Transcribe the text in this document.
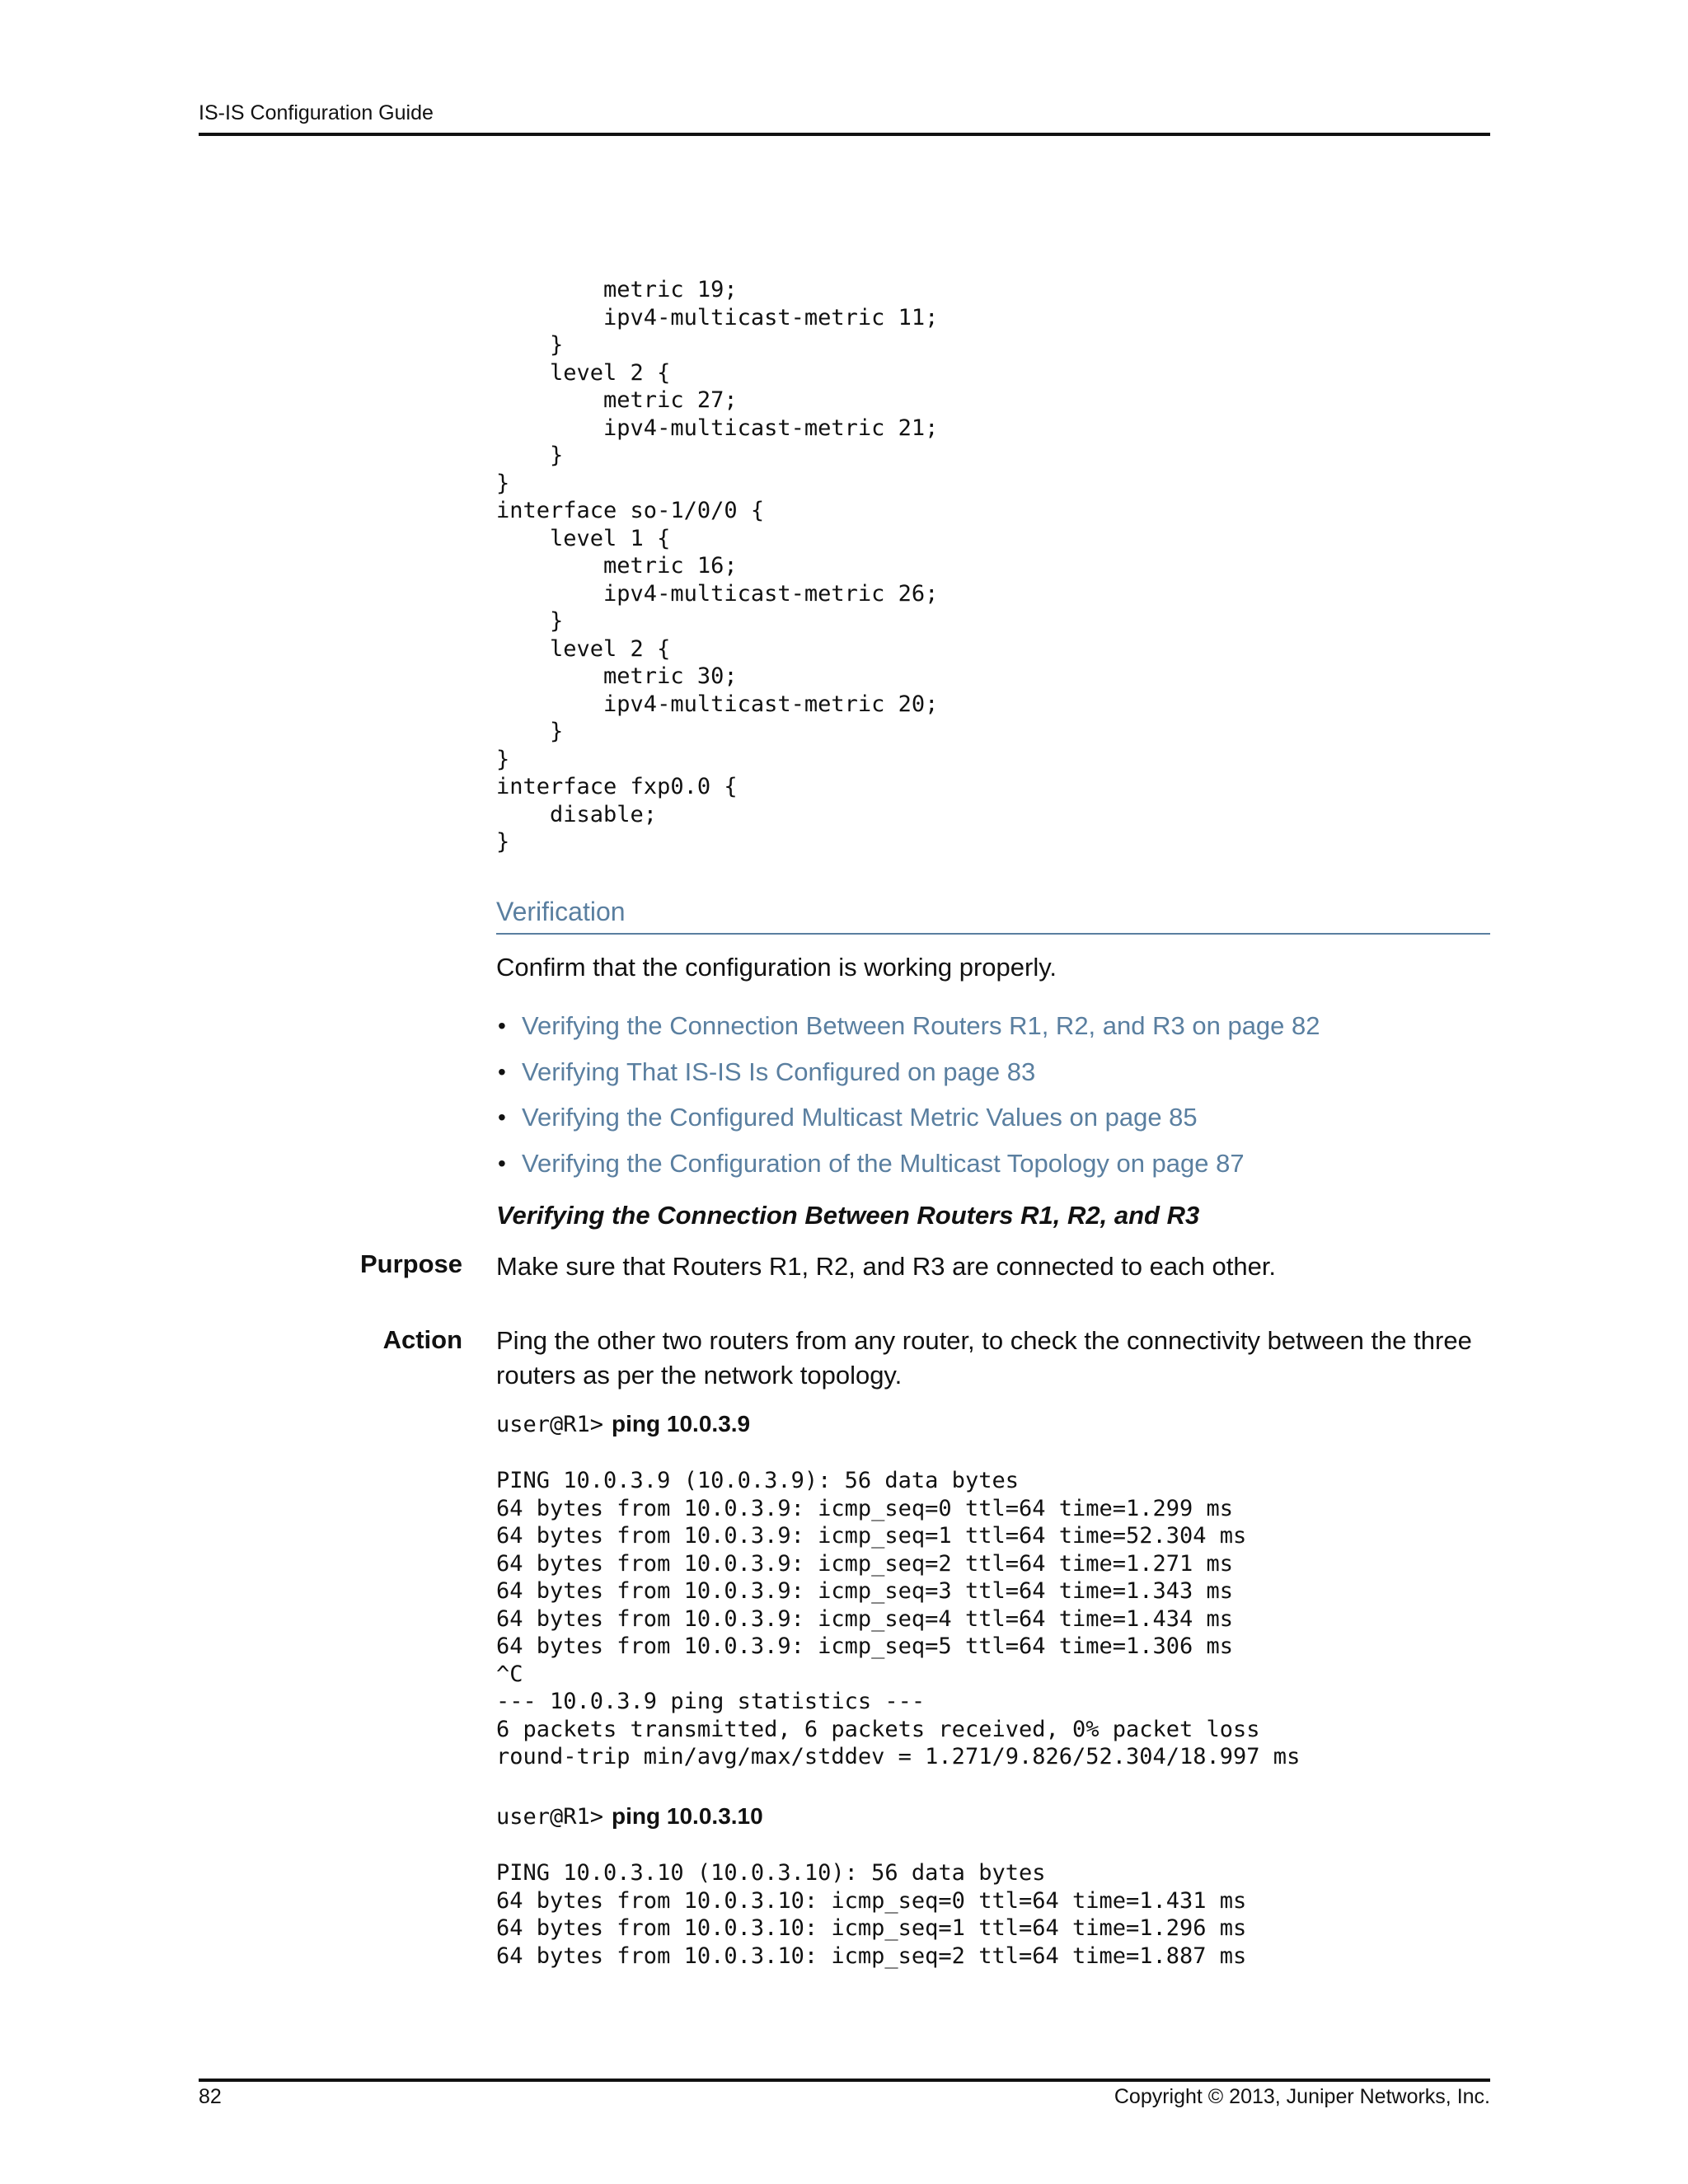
IS-IS Configuration Guide
metric 19;
ipv4-multicast-metric 11;
}
level 2 {
metric 27;
ipv4-multicast-metric 21;
}
}
interface so-1/0/0 {
level 1 {
metric 16;
ipv4-multicast-metric 26;
}
level 2 {
metric 30;
ipv4-multicast-metric 20;
}
}
interface fxp0.0 {
disable;
}
Verification
Confirm that the configuration is working properly.
• Verifying the Connection Between Routers R1, R2, and R3 on page 82
• Verifying That IS-IS Is Configured on page 83
• Verifying the Configured Multicast Metric Values on page 85
• Verifying the Configuration of the Multicast Topology on page 87
Verifying the Connection Between Routers R1, R2, and R3
Purpose Make sure that Routers R1, R2, and R3 are connected to each other.
Action Ping the other two routers from any router, to check the connectivity between the three routers as per the network topology.
user@R1> ping 10.0.3.9
PING 10.0.3.9 (10.0.3.9): 56 data bytes
64 bytes from 10.0.3.9: icmp_seq=0 ttl=64 time=1.299 ms
64 bytes from 10.0.3.9: icmp_seq=1 ttl=64 time=52.304 ms
64 bytes from 10.0.3.9: icmp_seq=2 ttl=64 time=1.271 ms
64 bytes from 10.0.3.9: icmp_seq=3 ttl=64 time=1.343 ms
64 bytes from 10.0.3.9: icmp_seq=4 ttl=64 time=1.434 ms
64 bytes from 10.0.3.9: icmp_seq=5 ttl=64 time=1.306 ms
^C
--- 10.0.3.9 ping statistics ---
6 packets transmitted, 6 packets received, 0% packet loss
round-trip min/avg/max/stddev = 1.271/9.826/52.304/18.997 ms
user@R1> ping 10.0.3.10
PING 10.0.3.10 (10.0.3.10): 56 data bytes
64 bytes from 10.0.3.10: icmp_seq=0 ttl=64 time=1.431 ms
64 bytes from 10.0.3.10: icmp_seq=1 ttl=64 time=1.296 ms
64 bytes from 10.0.3.10: icmp_seq=2 ttl=64 time=1.887 ms
82	Copyright © 2013, Juniper Networks, Inc.
